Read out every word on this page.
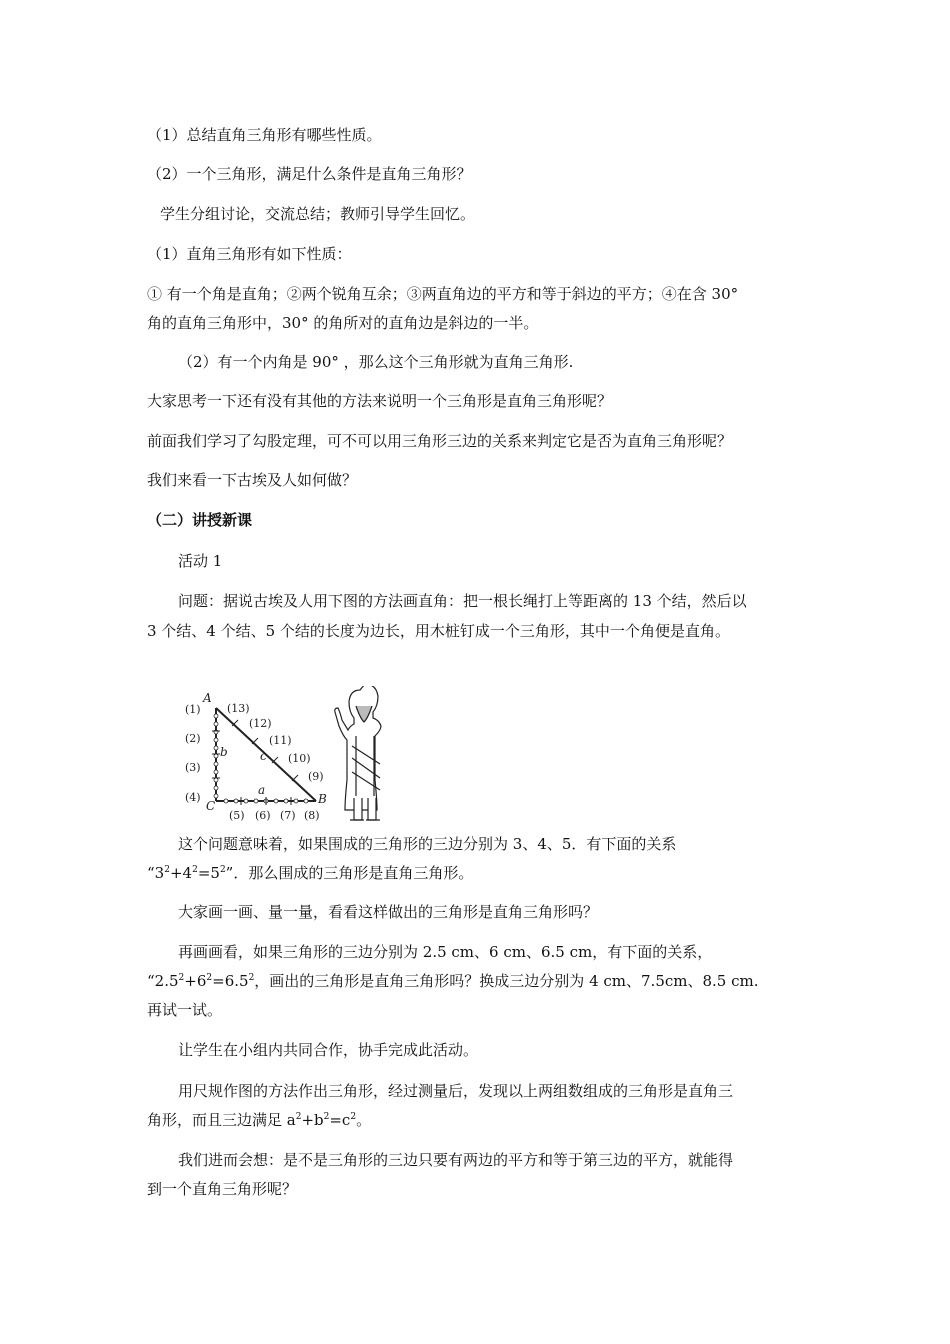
（1）总结直角三角形有哪些性质。
（2）一个三角形，满足什么条件是直角三角形？
学生分组讨论，交流总结；教师引导学生回忆。
（1）直角三角形有如下性质：
① 有一个角是直角；②两个锐角互余；③两直角边的平方和等于斜边的平方；④在含 30°
角的直角三角形中，30° 的角所对的直角边是斜边的一半。
（2）有一个内角是 90° ，那么这个三角形就为直角三角形.
大家思考一下还有没有其他的方法来说明一个三角形是直角三角形呢？
前面我们学习了勾股定理，可不可以用三角形三边的关系来判定它是否为直角三角形呢？
我们来看一下古埃及人如何做？
（二）讲授新课
活动 1
问题：据说古埃及人用下图的方法画直角：把一根长绳打上等距离的 13 个结，然后以
3 个结、4 个结、5 个结的长度为边长，用木桩钉成一个三角形，其中一个角便是直角。
A
B
C
a
b	c
(1)
(2)
(3)
(4)
(5) (6) (7) (8)
(9)
(10)
(11)
(12)
(13)
这个问题意味着，如果围成的三角形的三边分别为 3、4、5．有下面的关系
“$3^2+4^2=5^2$”．那么围成的三角形是直角三角形。
大家画一画、量一量，看看这样做出的三角形是直角三角形吗？
再画画看，如果三角形的三边分别为 2.5 cm、6 cm、6.5 cm，有下面的关系，
“$2.5^2+6^2=6.5^2$，画出的三角形是直角三角形吗？换成三边分别为 4 cm、7.5cm、8.5 cm.
再试一试。
让学生在小组内共同合作，协手完成此活动。
用尺规作图的方法作出三角形，经过测量后，发现以上两组数组成的三角形是直角三
角形，而且三边满足 $a^2+b^2=c^2$。
我们进而会想：是不是三角形的三边只要有两边的平方和等于第三边的平方，就能得
到一个直角三角形呢？
